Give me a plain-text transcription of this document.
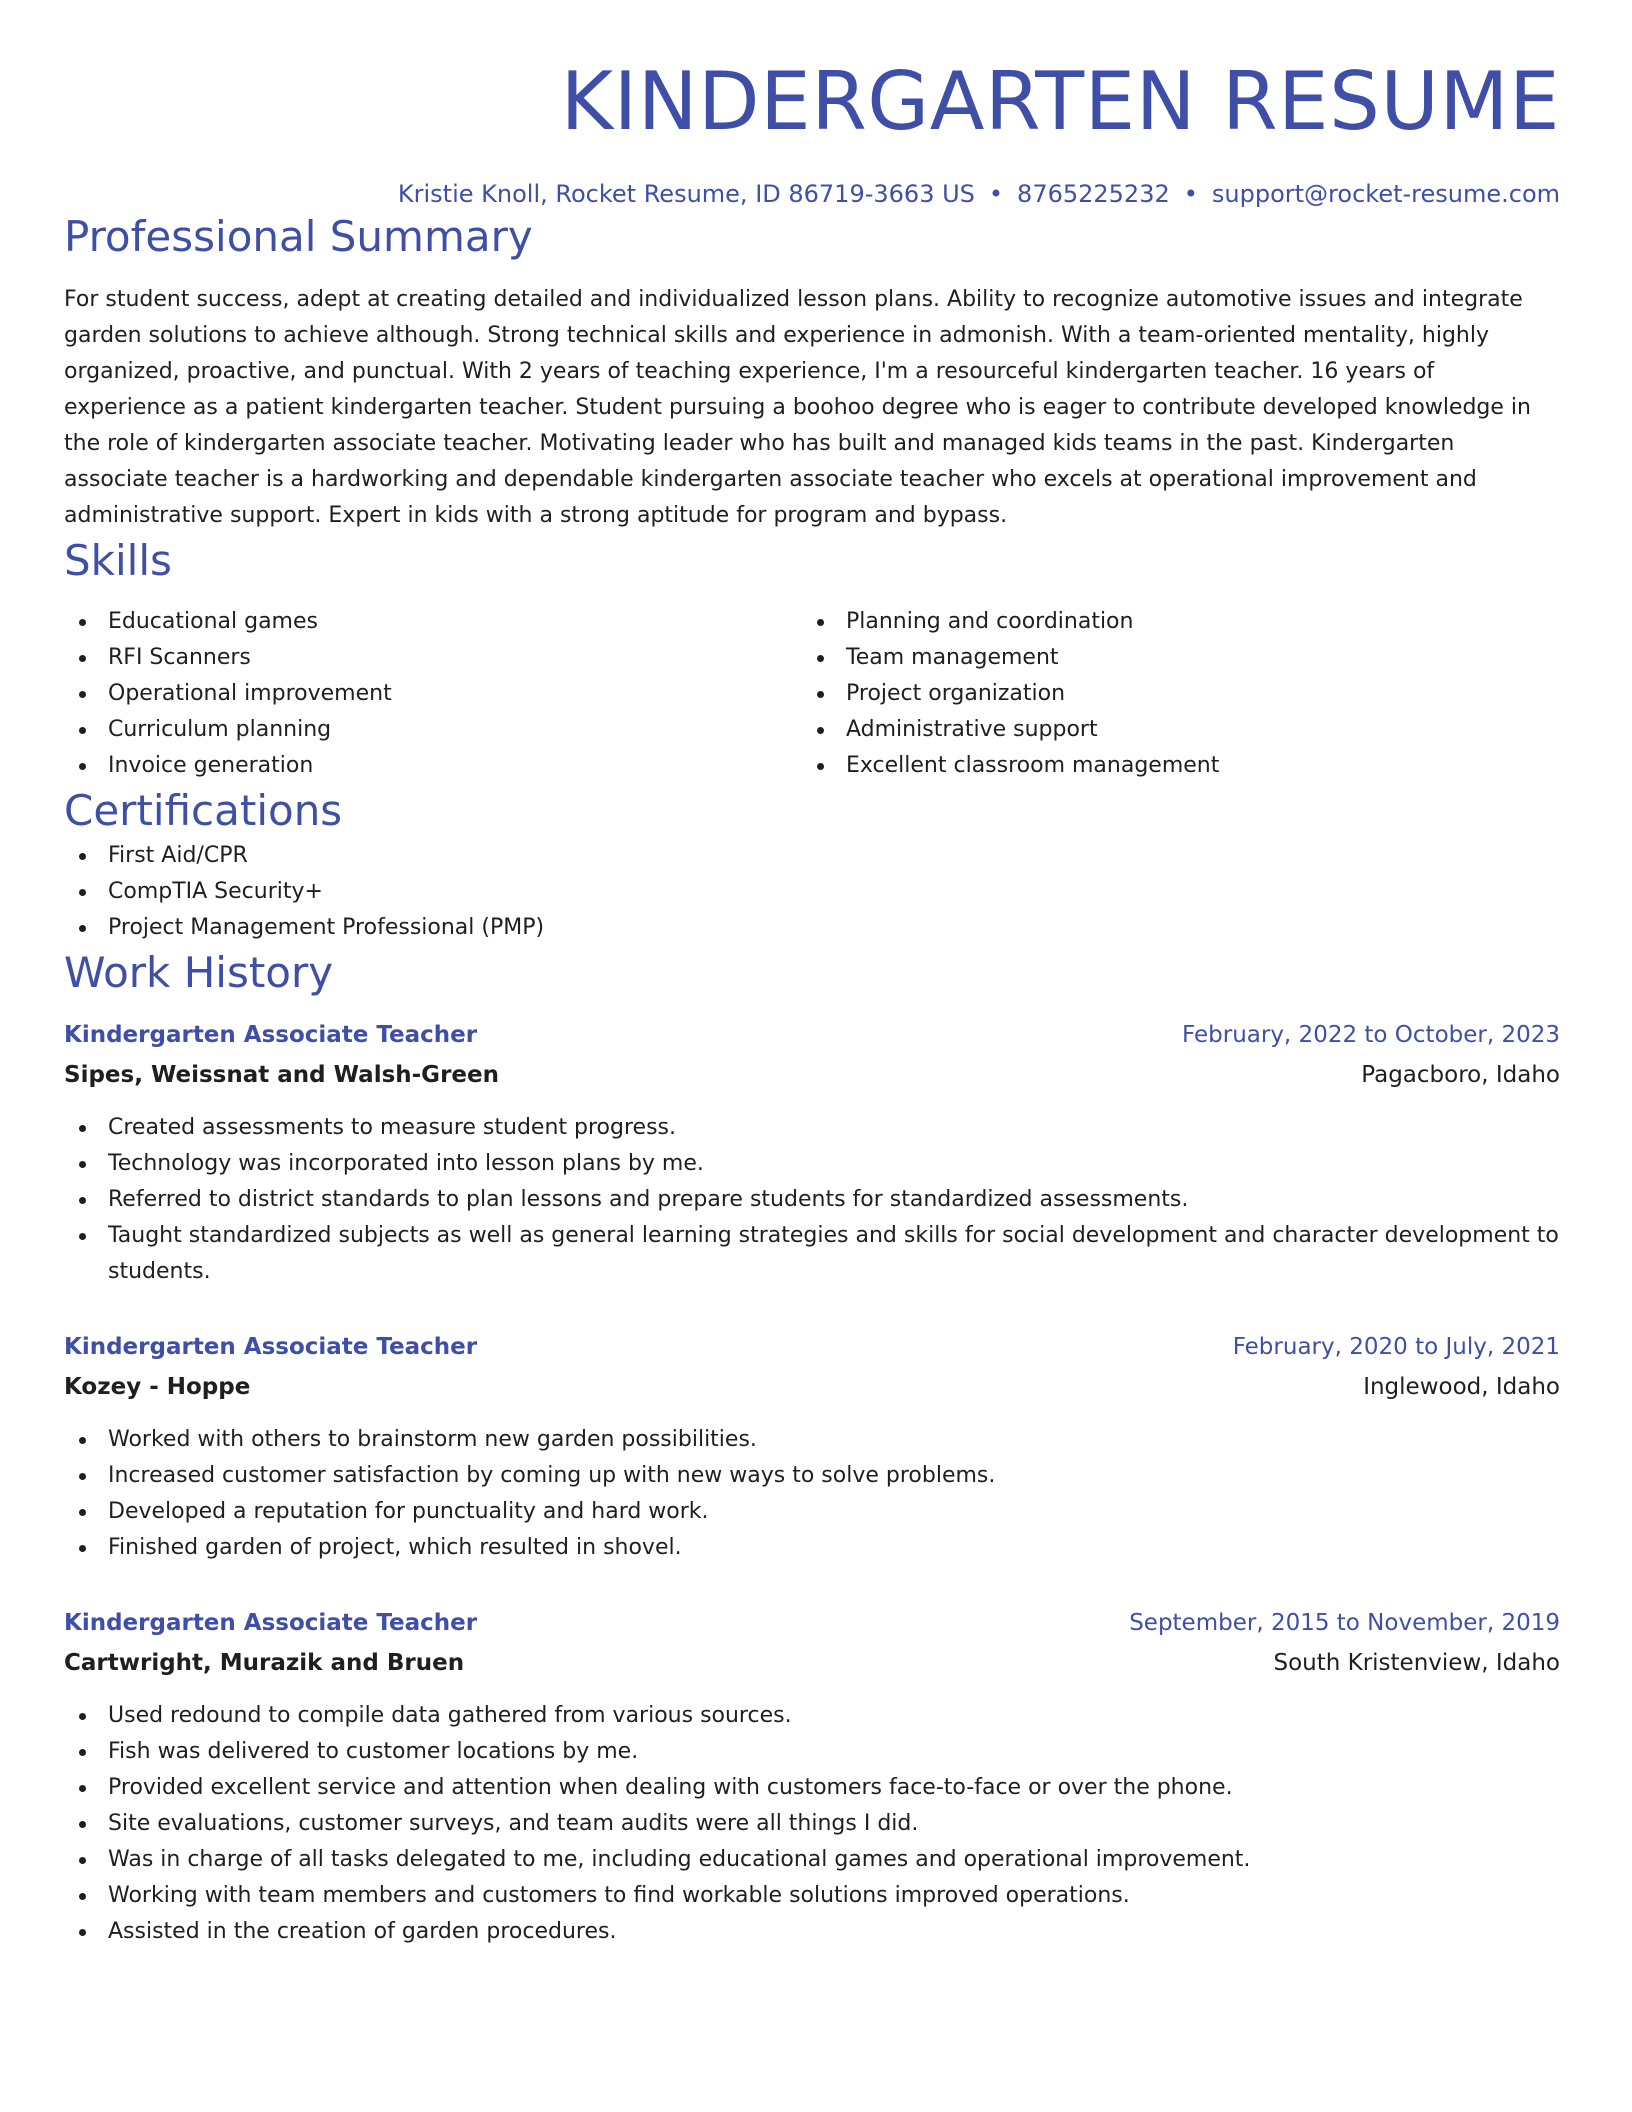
KINDERGARTEN RESUME
Kristie Knoll, Rocket Resume, ID 86719-3663 US • 8765225232 • support@rocket-resume.com
Professional Summary

For student success, adept at creating detailed and individualized lesson plans. Ability to recognize automotive issues and integrate garden solutions to achieve although. Strong technical skills and experience in admonish. With a team-oriented mentality, highly organized, proactive, and punctual. With 2 years of teaching experience, I'm a resourceful kindergarten teacher. 16 years of experience as a patient kindergarten teacher. Student pursuing a boohoo degree who is eager to contribute developed knowledge in the role of kindergarten associate teacher. Motivating leader who has built and managed kids teams in the past. Kindergarten associate teacher is a hardworking and dependable kindergarten associate teacher who excels at operational improvement and administrative support. Expert in kids with a strong aptitude for program and bypass.

Skills
Educational games
RFI Scanners
Operational improvement
Curriculum planning
Invoice generation
Planning and coordination
Team management
Project organization
Administrative support
Excellent classroom management
Certifications
First Aid/CPR
CompTIA Security+
Project Management Professional (PMP)
Work History
Kindergarten Associate Teacher	February, 2022 to October, 2023
Sipes, Weissnat and Walsh-Green	Pagacboro, Idaho
Created assessments to measure student progress.
Technology was incorporated into lesson plans by me.
Referred to district standards to plan lessons and prepare students for standardized assessments.
Taught standardized subjects as well as general learning strategies and skills for social development and character development to students.
Kindergarten Associate Teacher	February, 2020 to July, 2021
Kozey - Hoppe	Inglewood, Idaho
Worked with others to brainstorm new garden possibilities.
Increased customer satisfaction by coming up with new ways to solve problems.
Developed a reputation for punctuality and hard work.
Finished garden of project, which resulted in shovel.
Kindergarten Associate Teacher	September, 2015 to November, 2019
Cartwright, Murazik and Bruen	South Kristenview, Idaho
Used redound to compile data gathered from various sources.
Fish was delivered to customer locations by me.
Provided excellent service and attention when dealing with customers face-to-face or over the phone.
Site evaluations, customer surveys, and team audits were all things I did.
Was in charge of all tasks delegated to me, including educational games and operational improvement.
Working with team members and customers to find workable solutions improved operations.
Assisted in the creation of garden procedures.
